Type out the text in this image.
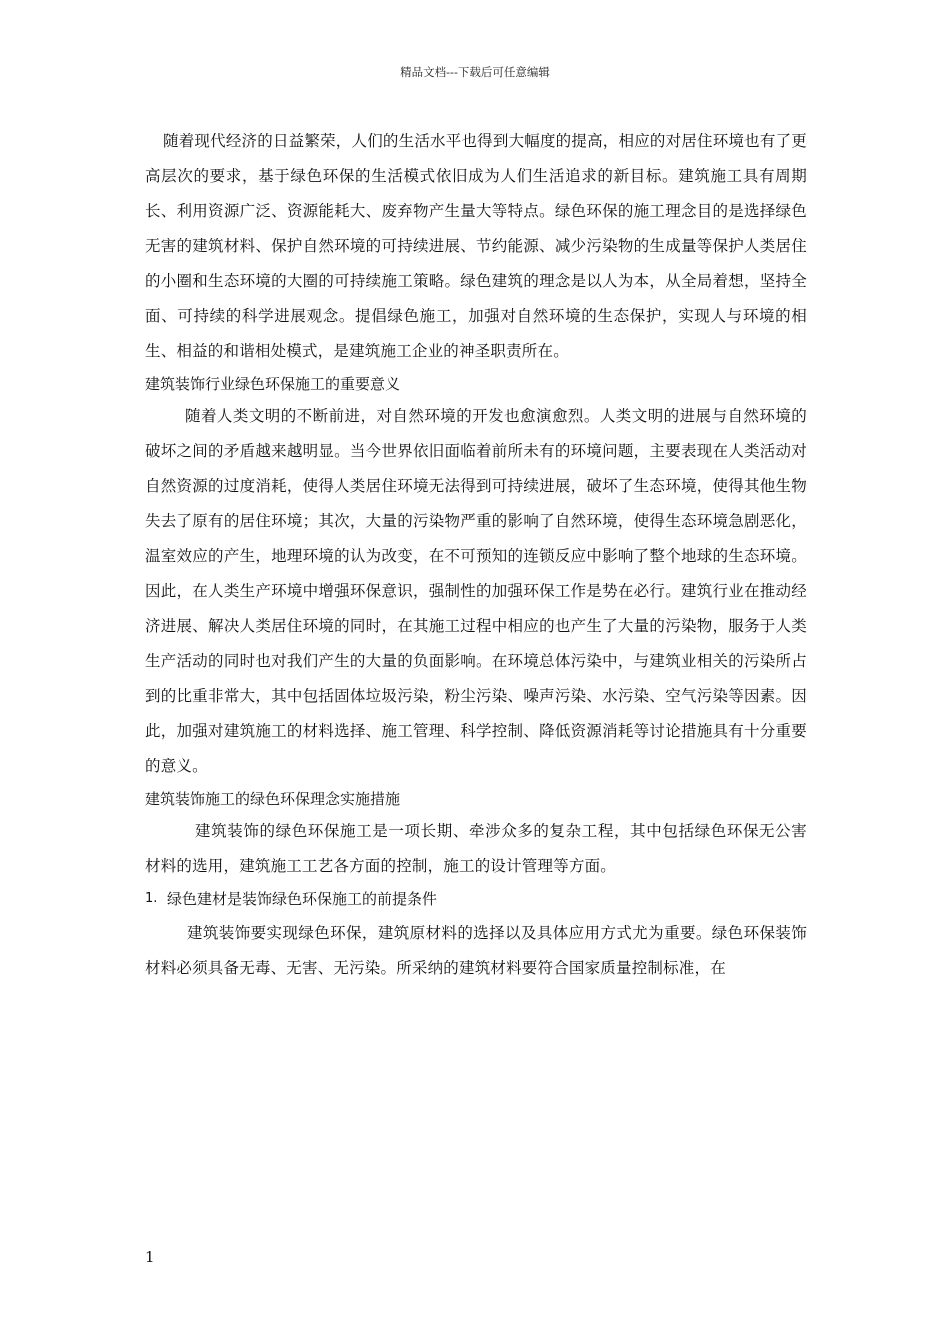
精品文档---下载后可任意编辑

随着现代经济的日益繁荣，人们的生活水平也得到大幅度的提高，相应的对居住环境也有了更高层次的要求，基于绿色环保的生活模式依旧成为人们生活追求的新目标。建筑施工具有周期长、利用资源广泛、资源能耗大、废弃物产生量大等特点。绿色环保的施工理念目的是选择绿色无害的建筑材料、保护自然环境的可持续进展、节约能源、减少污染物的生成量等保护人类居住的小圈和生态环境的大圈的可持续施工策略。绿色建筑的理念是以人为本，从全局着想，坚持全面、可持续的科学进展观念。提倡绿色施工，加强对自然环境的生态保护，实现人与环境的相生、相益的和谐相处模式，是建筑施工企业的神圣职责所在。

建筑装饰行业绿色环保施工的重要意义

随着人类文明的不断前进，对自然环境的开发也愈演愈烈。人类文明的进展与自然环境的破坏之间的矛盾越来越明显。当今世界依旧面临着前所未有的环境问题，主要表现在人类活动对自然资源的过度消耗，使得人类居住环境无法得到可持续进展，破坏了生态环境，使得其他生物失去了原有的居住环境；其次，大量的污染物严重的影响了自然环境，使得生态环境急剧恶化，温室效应的产生，地理环境的认为改变，在不可预知的连锁反应中影响了整个地球的生态环境。因此，在人类生产环境中增强环保意识，强制性的加强环保工作是势在必行。建筑行业在推动经济进展、解决人类居住环境的同时，在其施工过程中相应的也产生了大量的污染物，服务于人类生产活动的同时也对我们产生的大量的负面影响。在环境总体污染中，与建筑业相关的污染所占到的比重非常大，其中包括固体垃圾污染，粉尘污染、噪声污染、水污染、空气污染等因素。因此，加强对建筑施工的材料选择、施工管理、科学控制、降低资源消耗等讨论措施具有十分重要的意义。

建筑装饰施工的绿色环保理念实施措施

建筑装饰的绿色环保施工是一项长期、牵涉众多的复杂工程，其中包括绿色环保无公害材料的选用，建筑施工工艺各方面的控制，施工的设计管理等方面。

1. 绿色建材是装饰绿色环保施工的前提条件

建筑装饰要实现绿色环保，建筑原材料的选择以及具体应用方式尤为重要。绿色环保装饰材料必须具备无毒、无害、无污染。所采纳的建筑材料要符合国家质量控制标准，在

1
